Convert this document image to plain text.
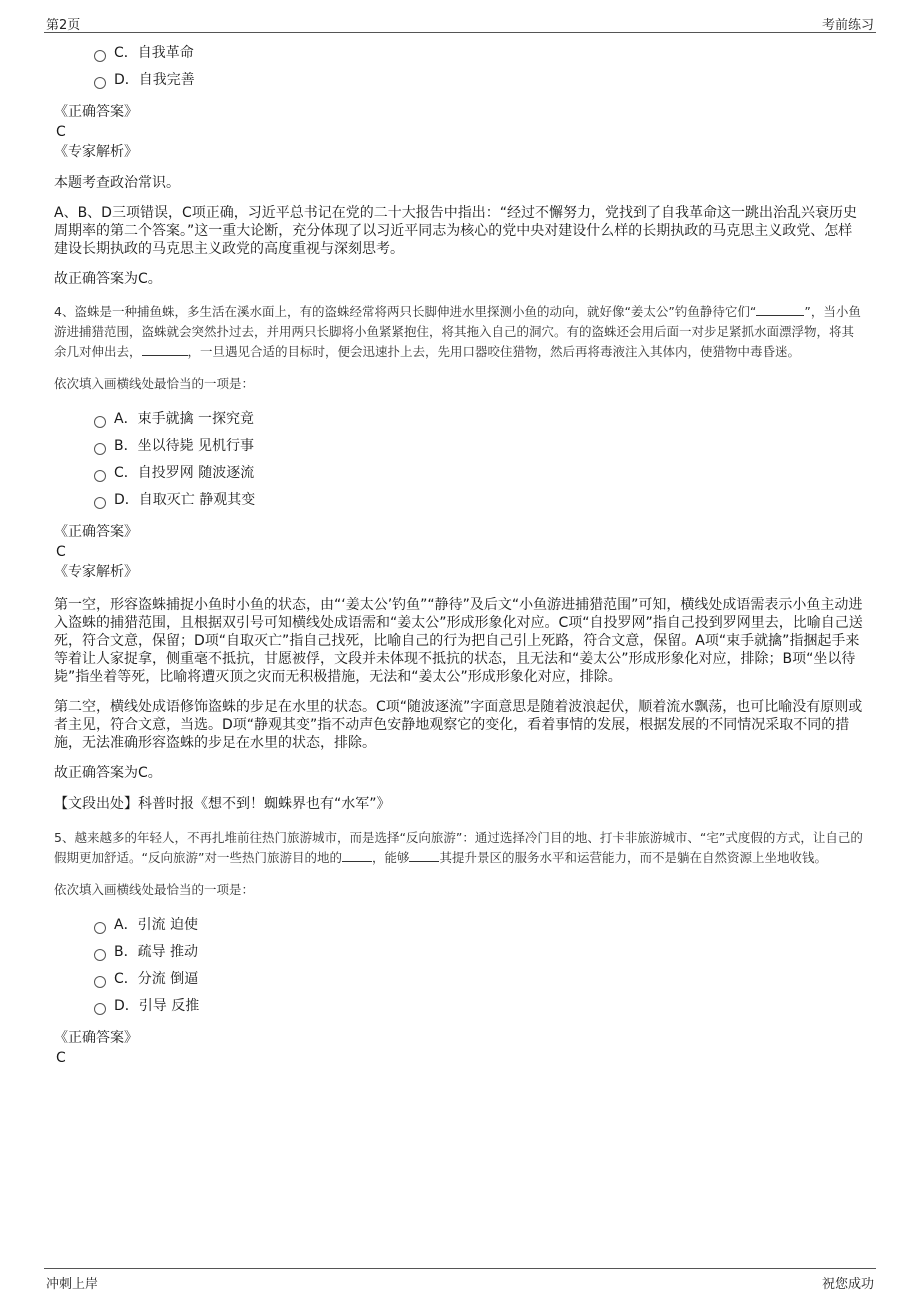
第2页	考前练习
C．自我革命
D．自我完善
《正确答案》
C
《专家解析》

本题考查政治常识。

A、B、D三项错误，C项正确，习近平总书记在党的二十大报告中指出：“经过不懈努力，党找到了自我革命这一跳出治乱兴衰历史周期率的第二个答案。”这一重大论断，充分体现了以习近平同志为核心的党中央对建设什么样的长期执政的马克思主义政党、怎样建设长期执政的马克思主义政党的高度重视与深刻思考。

故正确答案为C。

4、盗蛛是一种捕鱼蛛，多生活在溪水面上，有的盗蛛经常将两只长脚伸进水里探测小鱼的动向，就好像“姜太公”钓鱼静待它们“	”，当小鱼游进捕猎范围，盗蛛就会突然扑过去，并用两只长脚将小鱼紧紧抱住，将其拖入自己的洞穴。有的盗蛛还会用后面一对步足紧抓水面漂浮物，将其余几对伸出去，	，一旦遇见合适的目标时，便会迅速扑上去，先用口器咬住猎物，然后再将毒液注入其体内，使猎物中毒昏迷。

依次填入画横线处最恰当的一项是：

A．束手就擒 一探究竟
B．坐以待毙 见机行事
C．自投罗网 随波逐流
D．自取灭亡 静观其变
《正确答案》
C
《专家解析》

第一空，形容盗蛛捕捉小鱼时小鱼的状态，由“‘姜太公’钓鱼”“静待”及后文“小鱼游进捕猎范围”可知，横线处成语需表示小鱼主动进入盗蛛的捕猎范围，且根据双引号可知横线处成语需和“姜太公”形成形象化对应。C项“自投罗网”指自己投到罗网里去，比喻自己送死，符合文意，保留；D项“自取灭亡”指自己找死，比喻自己的行为把自己引上死路，符合文意，保留。A项“束手就擒”指捆起手来等着让人家捉拿，侧重毫不抵抗，甘愿被俘，文段并未体现不抵抗的状态，且无法和“姜太公”形成形象化对应，排除；B项“坐以待毙”指坐着等死，比喻将遭灭顶之灾而无积极措施，无法和“姜太公”形成形象化对应，排除。

第二空，横线处成语修饰盗蛛的步足在水里的状态。C项“随波逐流”字面意思是随着波浪起伏，顺着流水飘荡，也可比喻没有原则或者主见，符合文意，当选。D项“静观其变”指不动声色安静地观察它的变化，看着事情的发展，根据发展的不同情况采取不同的措施，无法准确形容盗蛛的步足在水里的状态，排除。

故正确答案为C。

【文段出处】科普时报《想不到！蜘蛛界也有“水军”》

5、越来越多的年轻人，不再扎堆前往热门旅游城市，而是选择“反向旅游”：通过选择冷门目的地、打卡非旅游城市、“宅”式度假的方式，让自己的假期更加舒适。“反向旅游”对一些热门旅游目的地的 ，能够 其提升景区的服务水平和运营能力，而不是躺在自然资源上坐地收钱。

依次填入画横线处最恰当的一项是：

A．引流 迫使
B．疏导 推动
C．分流 倒逼
D．引导 反推
《正确答案》
C
冲刺上岸	祝您成功
